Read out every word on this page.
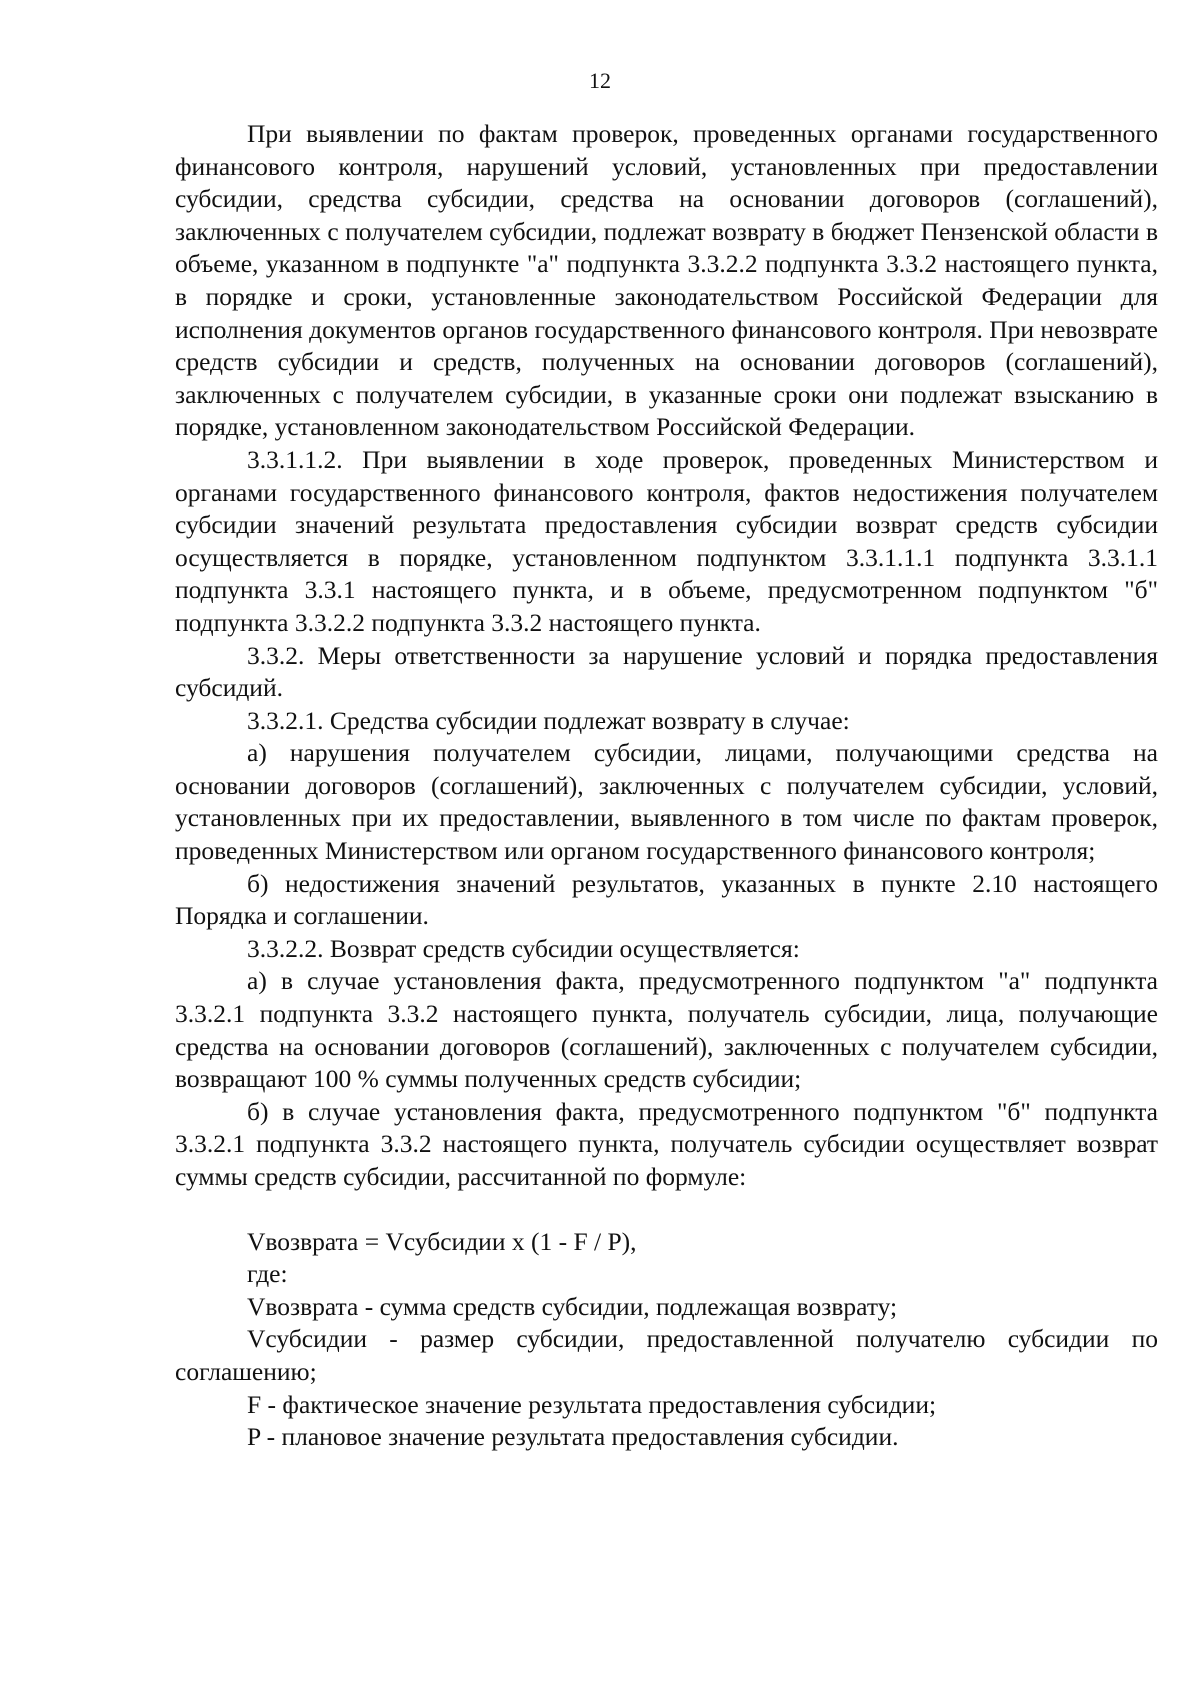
12

При выявлении по фактам проверок, проведенных органами государственного финансового контроля, нарушений условий, установленных при предоставлении субсидии, средства субсидии, средства на основании договоров (соглашений), заключенных с получателем субсидии, подлежат возврату в бюджет Пензенской области в объеме, указанном в подпункте "а" подпункта 3.3.2.2 подпункта 3.3.2 настоящего пункта, в порядке и сроки, установленные законодательством Российской Федерации для исполнения документов органов государственного финансового контроля. При невозврате средств субсидии и средств, полученных на основании договоров (соглашений), заключенных с получателем субсидии, в указанные сроки они подлежат взысканию в порядке, установленном законодательством Российской Федерации.

3.3.1.1.2. При выявлении в ходе проверок, проведенных Министерством и органами государственного финансового контроля, фактов недостижения получателем субсидии значений результата предоставления субсидии возврат средств субсидии осуществляется в порядке, установленном подпунктом 3.3.1.1.1 подпункта 3.3.1.1 подпункта 3.3.1 настоящего пункта, и в объеме, предусмотренном подпунктом "б" подпункта 3.3.2.2 подпункта 3.3.2 настоящего пункта.

3.3.2. Меры ответственности за нарушение условий и порядка предоставления субсидий.

3.3.2.1. Средства субсидии подлежат возврату в случае:

а) нарушения получателем субсидии, лицами, получающими средства на основании договоров (соглашений), заключенных с получателем субсидии, условий, установленных при их предоставлении, выявленного в том числе по фактам проверок, проведенных Министерством или органом государственного финансового контроля;

б) недостижения значений результатов, указанных в пункте 2.10 настоящего Порядка и соглашении.

3.3.2.2. Возврат средств субсидии осуществляется:

а) в случае установления факта, предусмотренного подпунктом "а" подпункта 3.3.2.1 подпункта 3.3.2 настоящего пункта, получатель субсидии, лица, получающие средства на основании договоров (соглашений), заключенных с получателем субсидии, возвращают 100 % суммы полученных средств субсидии;

б) в случае установления факта, предусмотренного подпунктом "б" подпункта 3.3.2.1 подпункта 3.3.2 настоящего пункта, получатель субсидии осуществляет возврат суммы средств субсидии, рассчитанной по формуле:

Vвозврата = Vсубсидии x (1 - F / P),

где:

Vвозврата - сумма средств субсидии, подлежащая возврату;

Vсубсидии - размер субсидии, предоставленной получателю субсидии по соглашению;

F - фактическое значение результата предоставления субсидии;

P - плановое значение результата предоставления субсидии.
